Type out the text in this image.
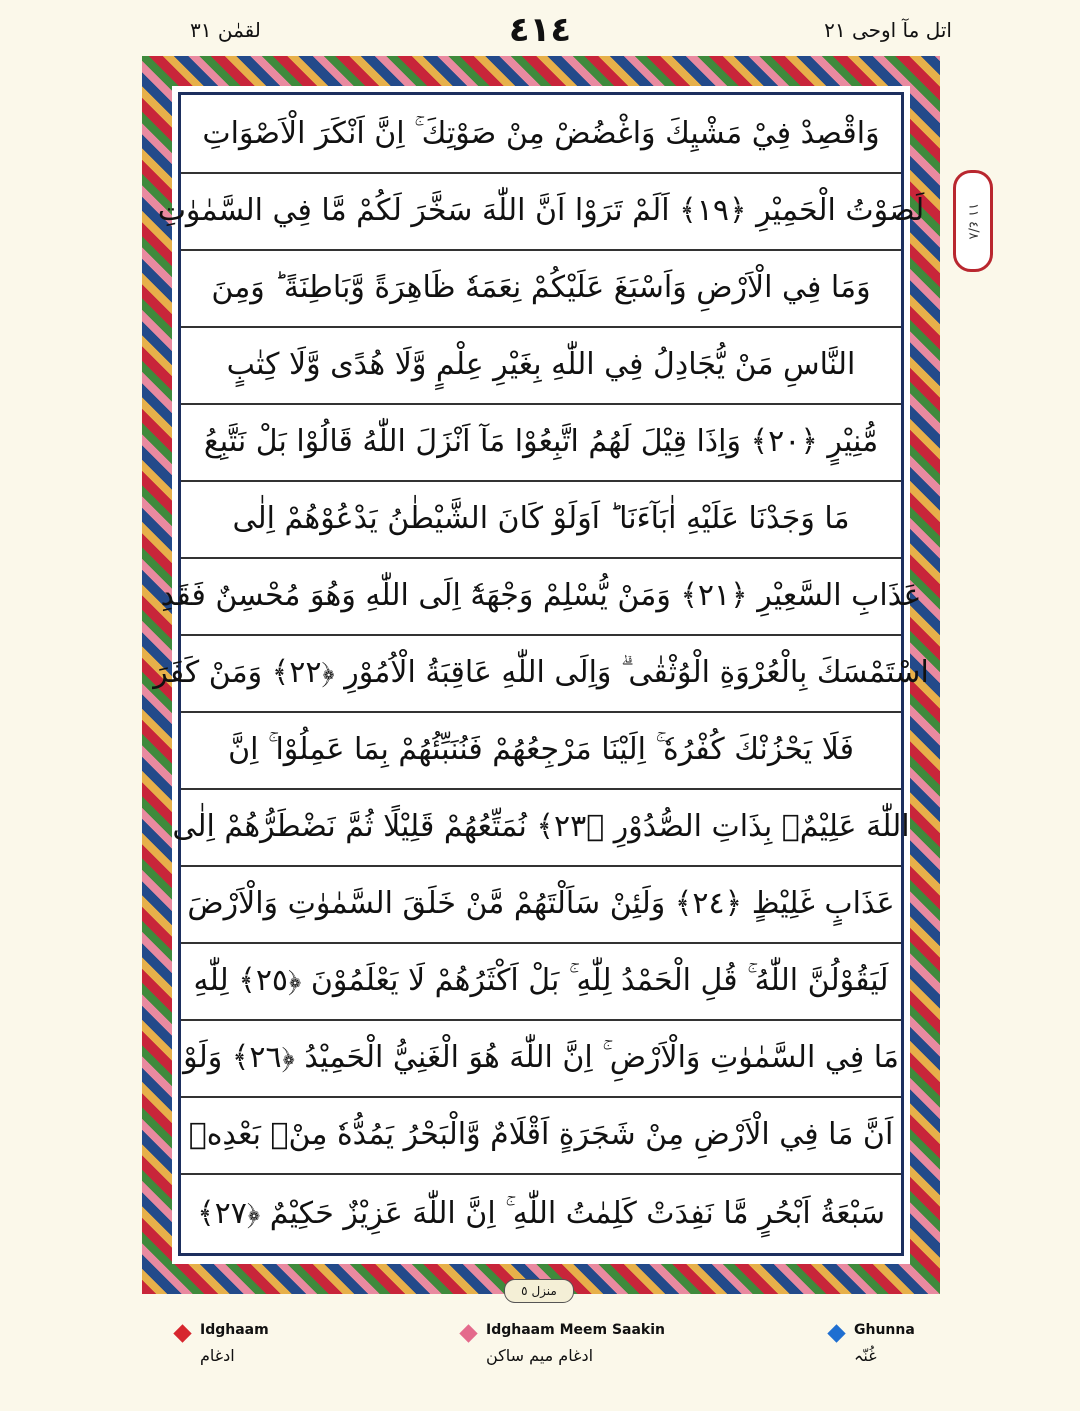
لقمٰن ٣١	٤١٤	اتل مآ اوحی ٢١
وَاقْصِدْ فِيْ مَشْيِكَ وَاغْضُضْ مِنْ صَوْتِكَ ۚ اِنَّ اَنْكَرَ الْاَصْوَاتِ
لَصَوْتُ الْحَمِيْرِ ﴿١٩﴾ اَلَمْ تَرَوْا اَنَّ اللّٰهَ سَخَّرَ لَكُمْ مَّا فِي السَّمٰوٰتِ
وَمَا فِي الْاَرْضِ وَاَسْبَغَ عَلَيْكُمْ نِعَمَهٗ ظَاهِرَةً وَّبَاطِنَةً ؕ وَمِنَ
النَّاسِ مَنْ يُّجَادِلُ فِي اللّٰهِ بِغَيْرِ عِلْمٍ وَّلَا هُدًى وَّلَا كِتٰبٍ
مُّنِيْرٍ ﴿٢٠﴾ وَاِذَا قِيْلَ لَهُمُ اتَّبِعُوْا مَآ اَنْزَلَ اللّٰهُ قَالُوْا بَلْ نَتَّبِعُ
مَا وَجَدْنَا عَلَيْهِ اٰبَآءَنَا ؕ اَوَلَوْ كَانَ الشَّيْطٰنُ يَدْعُوْهُمْ اِلٰى
عَذَابِ السَّعِيْرِ ﴿٢١﴾ وَمَنْ يُّسْلِمْ وَجْهَهٗٓ اِلَى اللّٰهِ وَهُوَ مُحْسِنٌ فَقَدِ
اسْتَمْسَكَ بِالْعُرْوَةِ الْوُثْقٰى ۗ وَاِلَى اللّٰهِ عَاقِبَةُ الْاُمُوْرِ ﴿٢٢﴾ وَمَنْ كَفَرَ
فَلَا يَحْزُنْكَ كُفْرُهٗ ۚ اِلَيْنَا مَرْجِعُهُمْ فَنُنَبِّئُهُمْ بِمَا عَمِلُوْا ۚ اِنَّ
اللّٰهَ عَلِيْمٌۢ بِذَاتِ الصُّدُوْرِ ﴿٢٣﴾ نُمَتِّعُهُمْ قَلِيْلًا ثُمَّ نَضْطَرُّهُمْ اِلٰى
عَذَابٍ غَلِيْظٍ ﴿٢٤﴾ وَلَئِنْ سَاَلْتَهُمْ مَّنْ خَلَقَ السَّمٰوٰتِ وَالْاَرْضَ
لَيَقُوْلُنَّ اللّٰهُ ۚ قُلِ الْحَمْدُ لِلّٰهِ ۚ بَلْ اَكْثَرُهُمْ لَا يَعْلَمُوْنَ ﴿٢٥﴾ لِلّٰهِ
مَا فِي السَّمٰوٰتِ وَالْاَرْضِ ۚ اِنَّ اللّٰهَ هُوَ الْغَنِيُّ الْحَمِيْدُ ﴿٢٦﴾ وَلَوْ
اَنَّ مَا فِي الْاَرْضِ مِنْ شَجَرَةٍ اَقْلَامٌ وَّالْبَحْرُ يَمُدُّهٗ مِنْۢ بَعْدِهٖ
سَبْعَةُ اَبْحُرٍ مَّا نَفِدَتْ كَلِمٰتُ اللّٰهِ ۚ اِنَّ اللّٰهَ عَزِيْزٌ حَكِيْمٌ ﴿٢٧﴾
٤/٨ ١١
منزل ٥
Idghaam
ادغام
Idghaam Meem Saakin
ادغام میم ساکن
Ghunna
غُنّہ
